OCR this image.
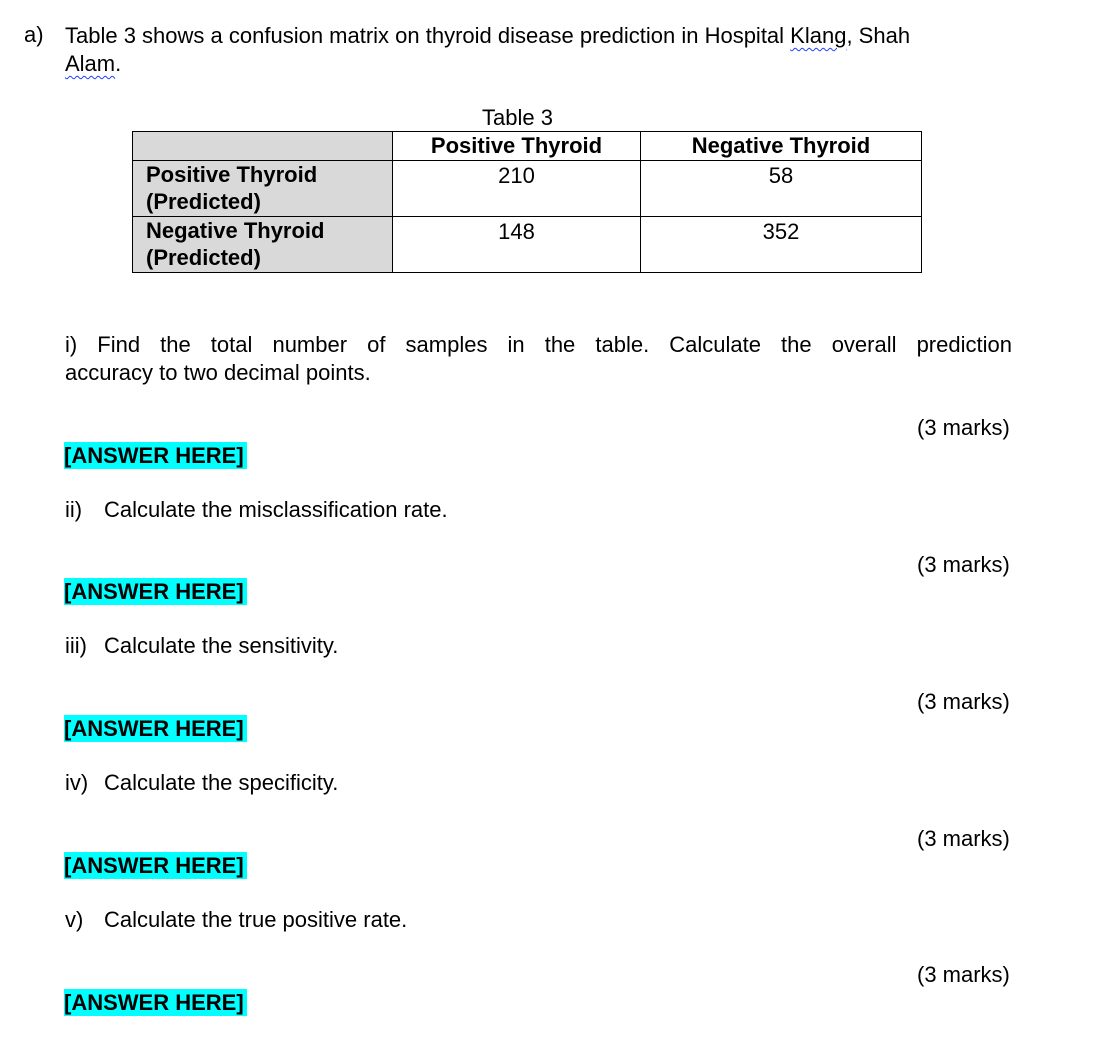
a) Table 3 shows a confusion matrix on thyroid disease prediction in Hospital Klang, Shah
Alam.
Table 3
	Positive Thyroid	Negative Thyroid
Positive Thyroid
(Predicted)	210	58
Negative Thyroid
(Predicted)	148	352
i) Find the total number of samples in the table. Calculate the overall prediction
accuracy to two decimal points.
(3 marks)
[ANSWER HERE]
ii) Calculate the misclassification rate.
(3 marks)
[ANSWER HERE]
iii) Calculate the sensitivity.
(3 marks)
[ANSWER HERE]
iv) Calculate the specificity.
(3 marks)
[ANSWER HERE]
v) Calculate the true positive rate.
(3 marks)
[ANSWER HERE]
